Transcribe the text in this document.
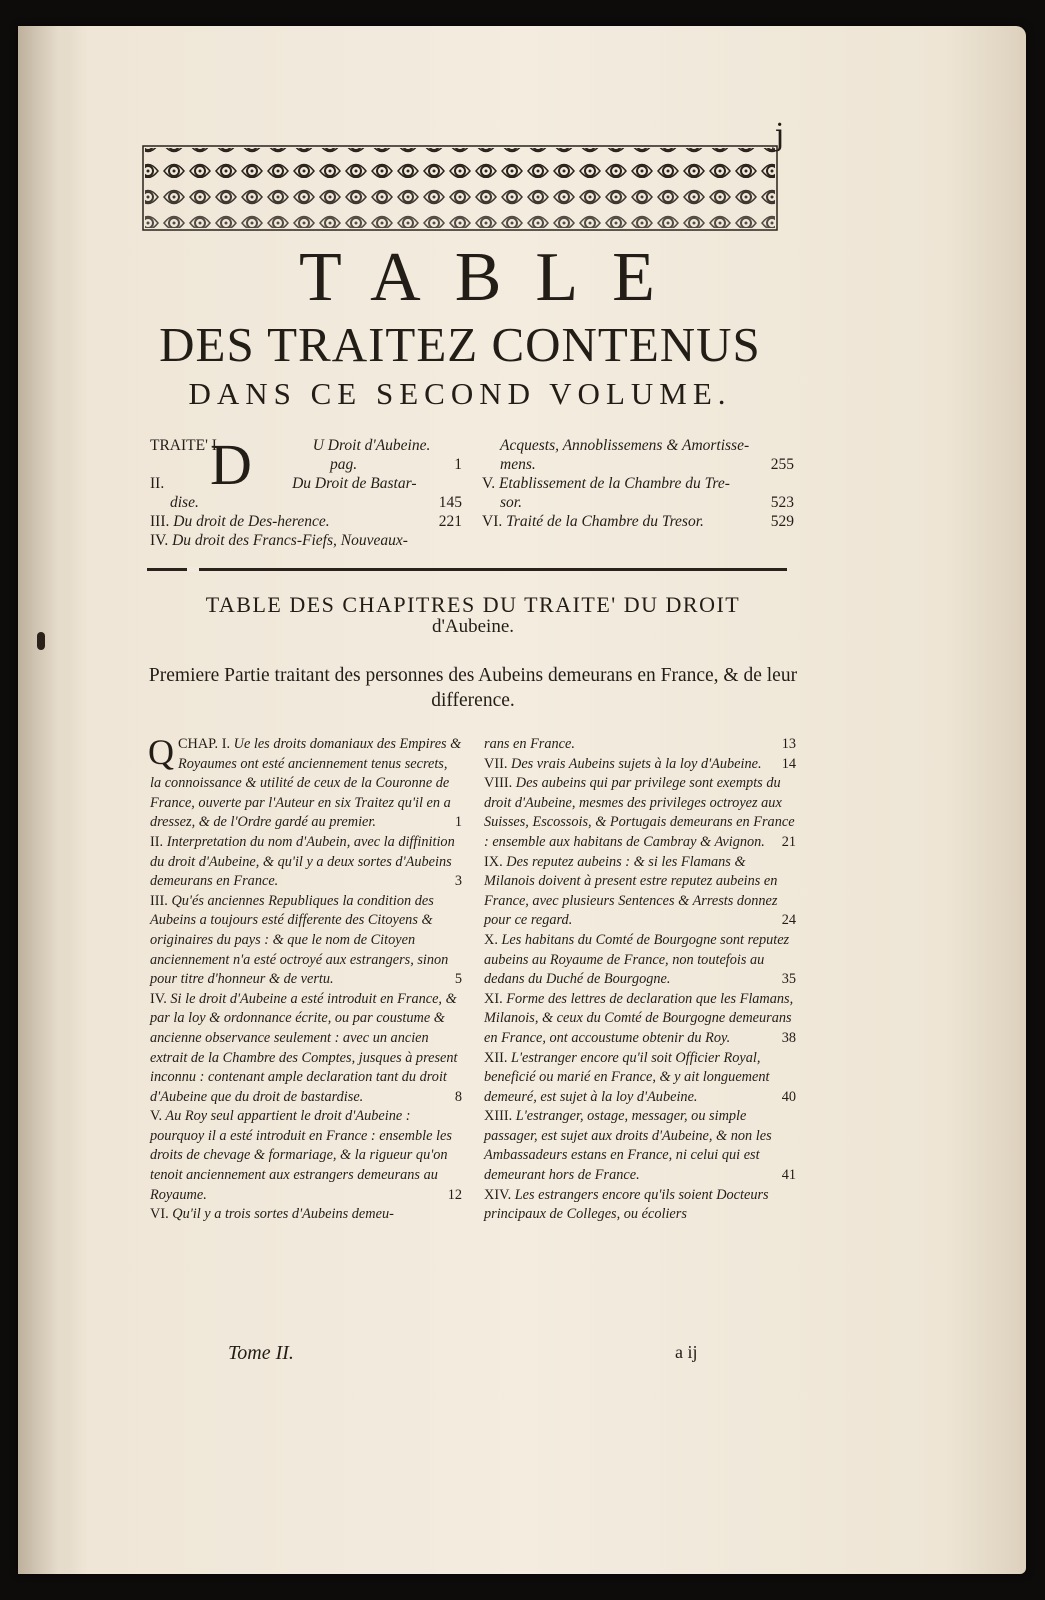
j
TABLE
DES TRAITEZ CONTENUS
DANS CE SECOND VOLUME.
D
TRAITE' I.	U Droit d'Aubeine.
pag.	1
II.	Du Droit de Bastar-
dise.	145
III. Du droit de Des-herence.	221
IV. Du droit des Francs-Fiefs, Nouveaux-
Acquests, Annoblissemens & Amortisse-
mens.	255
V. Etablissement de la Chambre du Tre-
sor.	523
VI. Traité de la Chambre du Tresor.	529
TABLE DES CHAPITRES DU TRAITE' DU DROIT
d'Aubeine.
Premiere Partie traitant des personnes des Aubeins demeurans en France, & de leur difference.

CHAP. I.
Q	Ue les droits domaniaux des Empires & Royaumes ont esté anciennement tenus secrets, la connoissance & utilité de ceux de la Couronne de France, ouverte par l'Auteur en six Traitez qu'il en a dressez, & de l'Ordre gardé au premier.	1

II. Interpretation du nom d'Aubein, avec la diffinition du droit d'Aubeine, & qu'il y a deux sortes d'Aubeins demeurans en France.	3

III. Qu'és anciennes Republiques la condition des Aubeins a toujours esté differente des Citoyens & originaires du pays : & que le nom de Citoyen anciennement n'a esté octroyé aux estrangers, sinon pour titre d'honneur & de vertu.	5

IV. Si le droit d'Aubeine a esté introduit en France, & par la loy & ordonnance écrite, ou par coustume & ancienne observance seulement : avec un ancien extrait de la Chambre des Comptes, jusques à present inconnu : contenant ample declaration tant du droit d'Aubeine que du droit de bastardise.	8

V. Au Roy seul appartient le droit d'Aubeine : pourquoy il a esté introduit en France : ensemble les droits de chevage & formariage, & la rigueur qu'on tenoit anciennement aux estrangers demeurans au Royaume.	12

VI. Qu'il y a trois sortes d'Aubeins demeu-

rans en France.	13

VII. Des vrais Aubeins sujets à la loy d'Aubeine. 14

VIII. Des aubeins qui par privilege sont exempts du droit d'Aubeine, mesmes des privileges octroyez aux Suisses, Escossois, & Portugais demeurans en France : ensemble aux habitans de Cambray & Avignon. 21

IX. Des reputez aubeins : & si les Flamans & Milanois doivent à present estre reputez aubeins en France, avec plusieurs Sentences & Arrests donnez pour ce regard.	24

X. Les habitans du Comté de Bourgogne sont reputez aubeins au Royaume de France, non toutefois au dedans du Duché de Bourgogne.	35

XI. Forme des lettres de declaration que les Flamans, Milanois, & ceux du Comté de Bourgogne demeurans en France, ont accoustume obtenir du Roy.	38

XII. L'estranger encore qu'il soit Officier Royal, beneficié ou marié en France, & y ait longuement demeuré, est sujet à la loy d'Aubeine.	40

XIII. L'estranger, ostage, messager, ou simple passager, est sujet aux droits d'Aubeine, & non les Ambassadeurs estans en France, ni celui qui est demeurant hors de France.	41

XIV. Les estrangers encore qu'ils soient Docteurs principaux de Colleges, ou écoliers

Tome II.	a ij
